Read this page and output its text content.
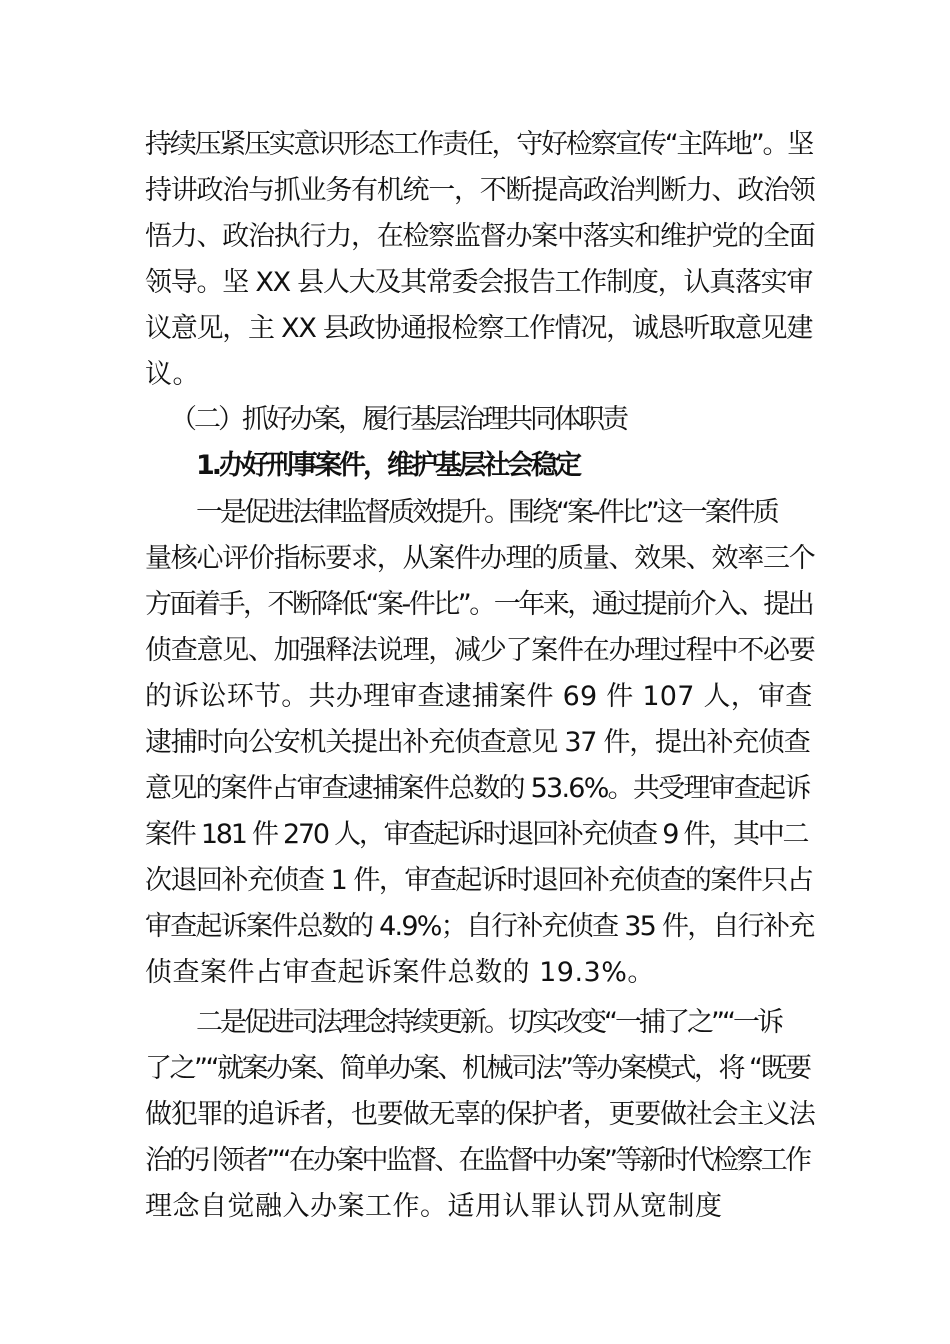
持续压紧压实意识形态工作责任，守好检察宣传“主阵地”。坚
持讲政治与抓业务有机统一，不断提高政治判断力、政治领
悟力、政治执行力，在检察监督办案中落实和维护党的全面
领导。坚 XX 县人大及其常委会报告工作制度，认真落实审
议意见，主 XX 县政协通报检察工作情况，诚恳听取意见建
议。
（二）抓好办案，履行基层治理共同体职责
1.办好刑事案件，维护基层社会稳定
一是促进法律监督质效提升。围绕“案-件比”这一案件质
量核心评价指标要求，从案件办理的质量、效果、效率三个
方面着手，不断降低“案-件比”。一年来，通过提前介入、提出
侦查意见、加强释法说理，减少了案件在办理过程中不必要
的诉讼环节。共办理审查逮捕案件 69 件 107 人，审查
逮捕时向公安机关提出补充侦查意见 37 件，提出补充侦查
意见的案件占审查逮捕案件总数的 53.6%。共受理审查起诉
案件 181 件 270 人，审查起诉时退回补充侦查 9 件，其中二
次退回补充侦查 1 件，审查起诉时退回补充侦查的案件只占
审查起诉案件总数的 4.9%；自行补充侦查 35 件，自行补充
侦查案件占审查起诉案件总数的 19.3%。
二是促进司法理念持续更新。切实改变“一捕了之”“一诉
了之”“就案办案、简单办案、机械司法”等办案模式，将 “既要
做犯罪的追诉者，也要做无辜的保护者，更要做社会主义法
治的引领者”“在办案中监督、在监督中办案”等新时代检察工作
理念自觉融入办案工作。适用认罪认罚从宽制度
